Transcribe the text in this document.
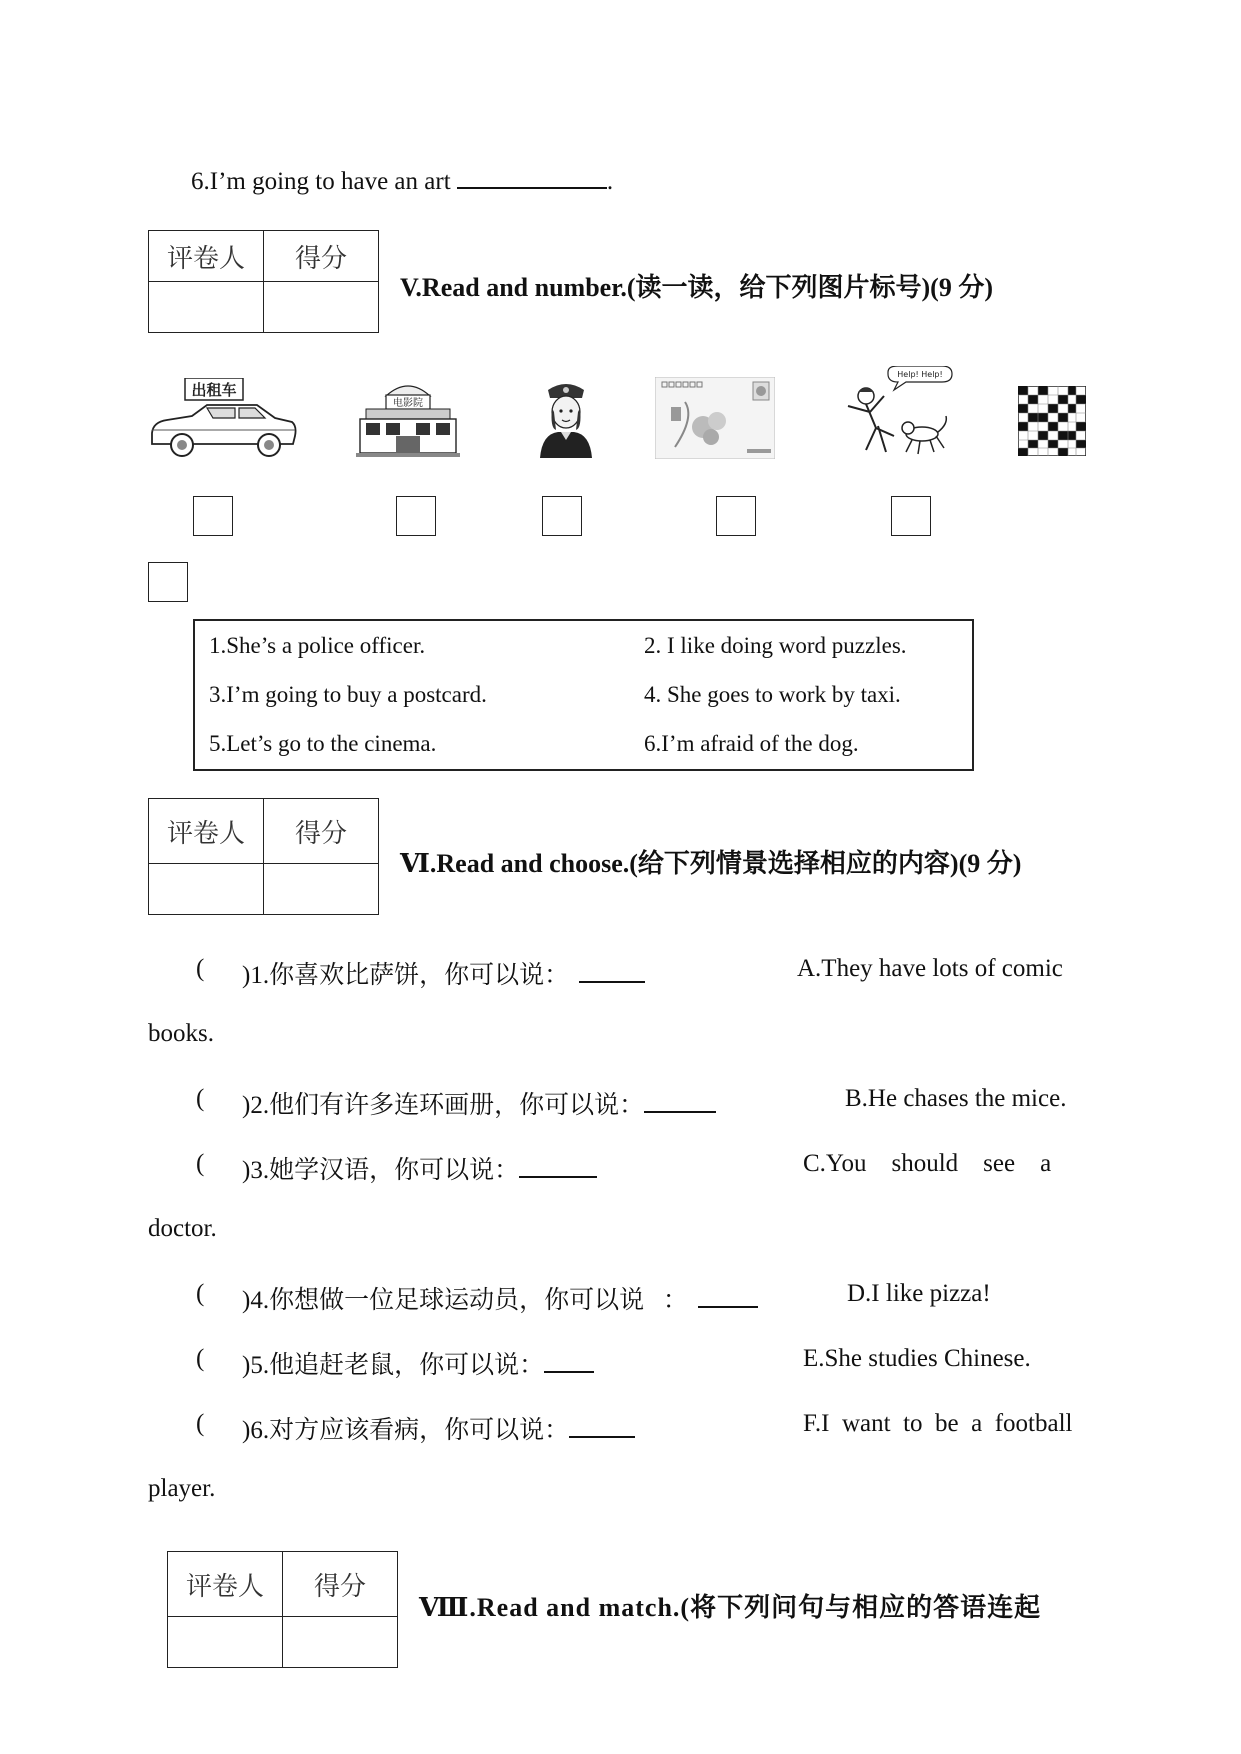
6.I’m going to have an art	.
评卷人	得分

V.Read and number.(读一读，给下列图片标号)(9 分)
出租车
电影院
Help! Help!
1.She’s a police officer.	2. I like doing word puzzles.
3.I’m going to buy a postcard.	4. She goes to work by taxi.
5.Let’s go to the cinema.	6.I’m afraid of the dog.
评卷人	得分

Ⅵ.Read and choose.(给下列情景选择相应的内容)(9 分)
( )1.你喜欢比萨饼，你可以说：	A.They have lots of comic
books.
( )2.他们有许多连环画册，你可以说：	B.He chases the mice.
( )3.她学汉语，你可以说：	C.You    should    see    a
doctor.
( )4.你想做一位足球运动员，你可以说   ：	D.I like pizza!
( )5.他追赶老鼠，你可以说：	E.She studies Chinese.
( )6.对方应该看病，你可以说：	F.I  want  to  be  a  football
player.
评卷人	得分

Ⅷ.Read and match.(将下列问句与相应的答语连起
